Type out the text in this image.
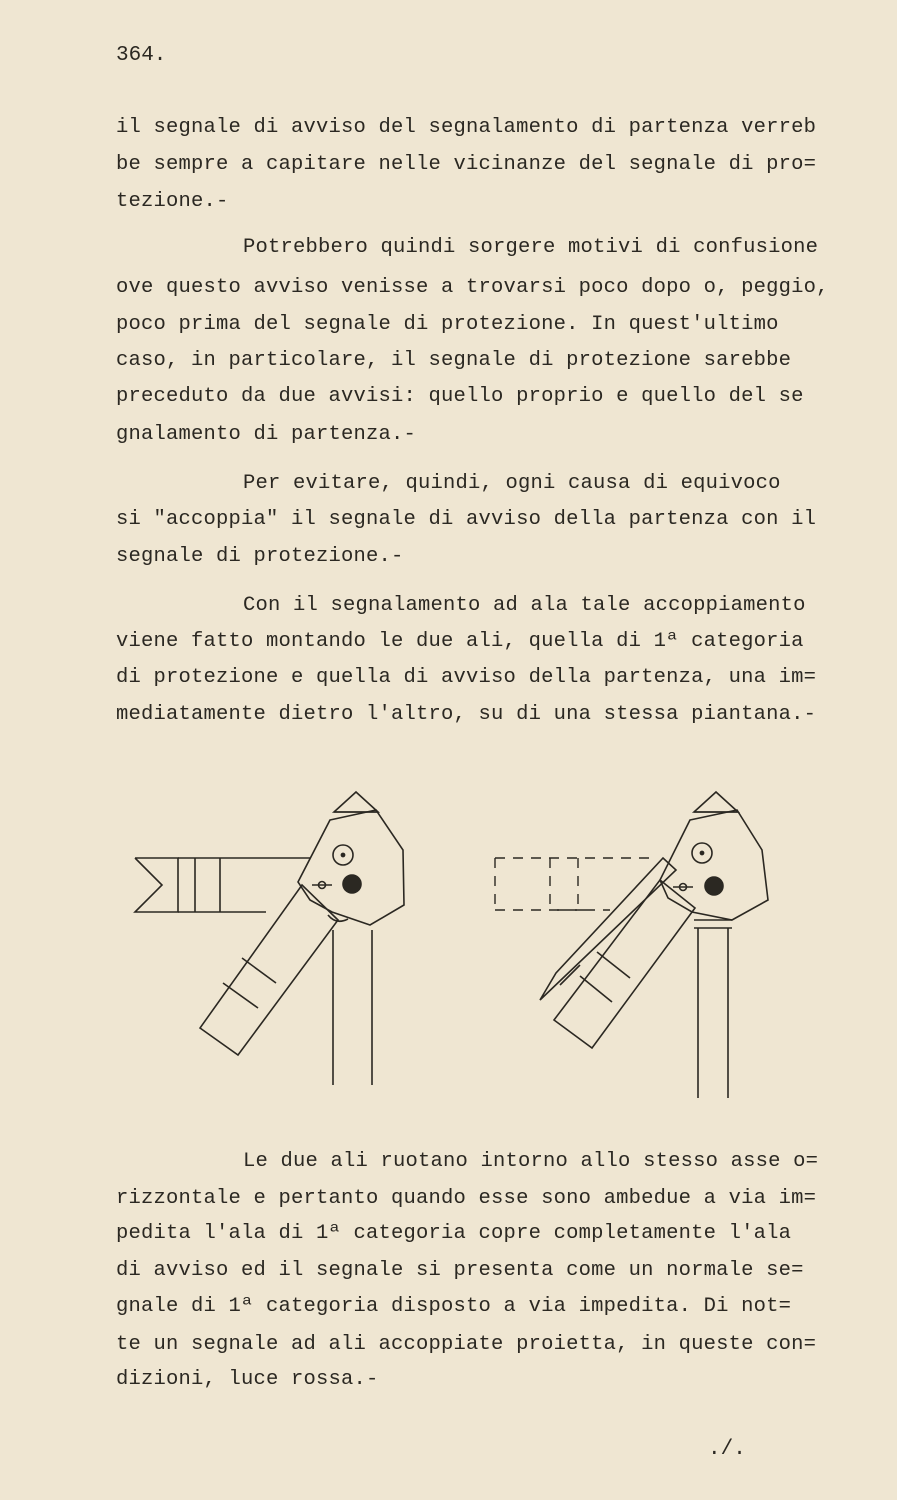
364.
il segnale di avviso del segnalamento di partenza verreb
be sempre a capitare nelle vicinanze del segnale di pro=
tezione.-
Potrebbero quindi sorgere motivi di confusione
ove questo avviso venisse a trovarsi poco dopo o, peggio,
poco prima del segnale di protezione. In quest'ultimo
caso, in particolare, il segnale di protezione sarebbe
preceduto da due avvisi: quello proprio e quello del se
gnalamento di partenza.-
Per evitare, quindi, ogni causa di equivoco
si "accoppia" il segnale di avviso della partenza con il
segnale di protezione.-
Con il segnalamento ad ala tale accoppiamento
viene fatto montando le due ali, quella di 1ª categoria
di protezione e quella di avviso della partenza, una im=
mediatamente dietro l'altro, su di una stessa piantana.-
Le due ali ruotano intorno allo stesso asse o=
rizzontale e pertanto quando esse sono ambedue a via im=
pedita l'ala di 1ª categoria copre completamente l'ala
di avviso ed il segnale si presenta come un normale se=
gnale di 1ª categoria disposto a via impedita. Di not=
te un segnale ad ali accoppiate proietta, in queste con=
dizioni, luce rossa.-
./.
